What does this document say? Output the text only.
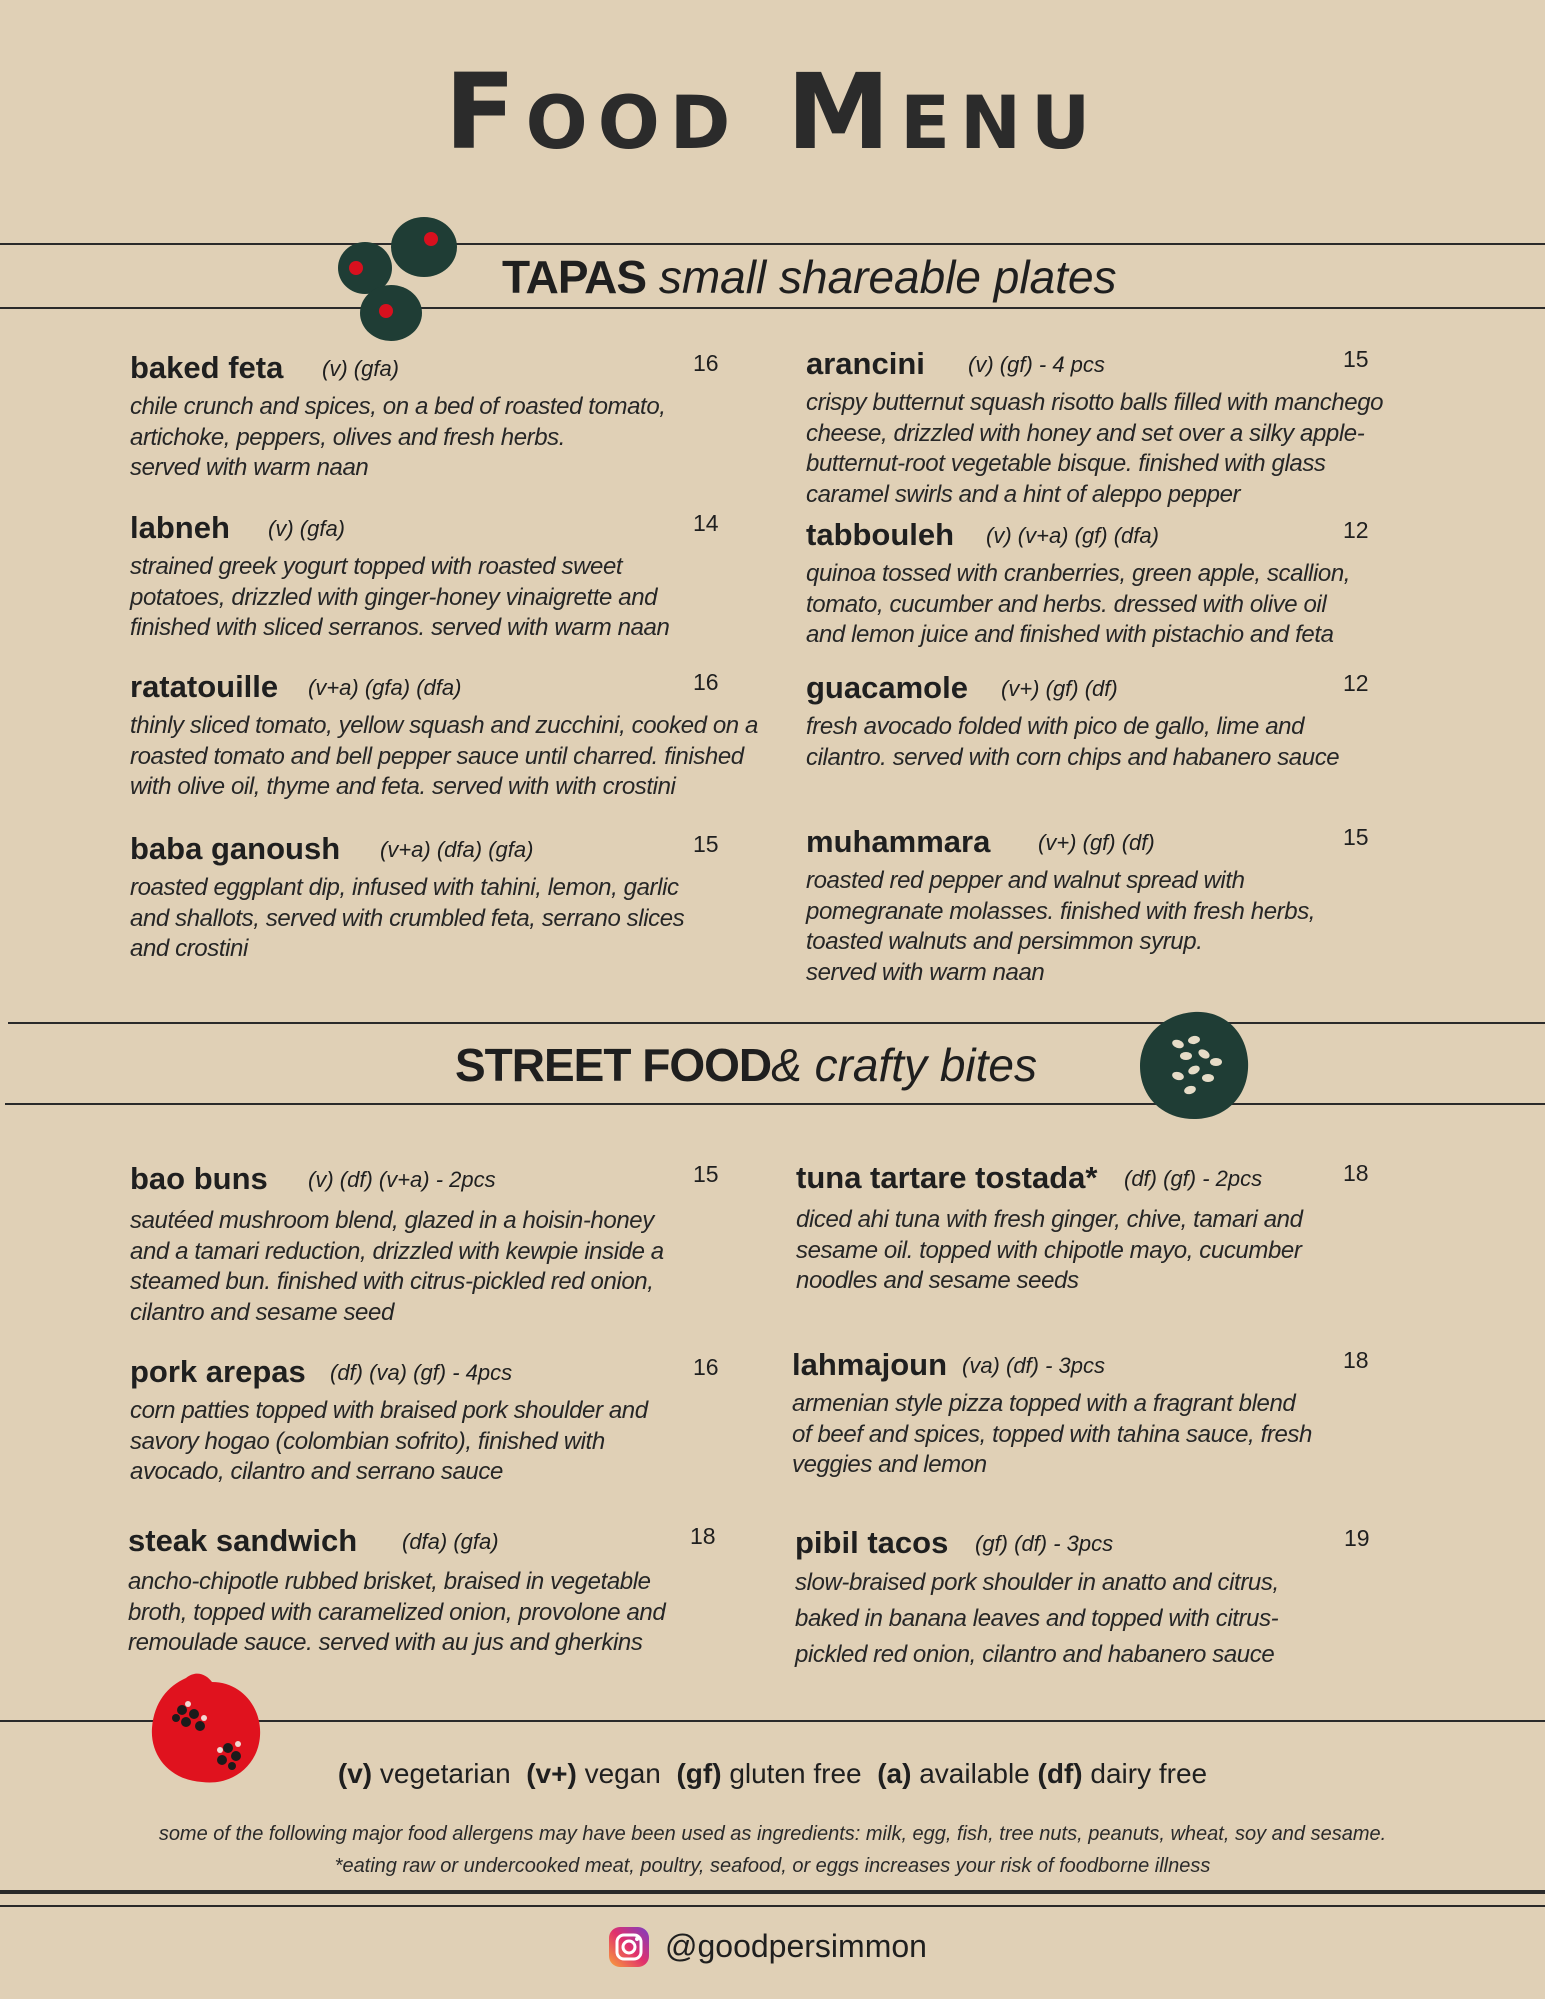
Food Menu
TAPAS small shareable plates
baked feta (v) (gfa)	16
chile crunch and spices, on a bed of roasted tomato,
artichoke, peppers, olives and fresh herbs.
served with warm naan
arancini (v) (gf) - 4 pcs	15
crispy butternut squash risotto balls filled with manchego
cheese, drizzled with honey and set over a silky apple-
butternut-root vegetable bisque. finished with glass
caramel swirls and a hint of aleppo pepper
labneh (v) (gfa)	14
strained greek yogurt topped with roasted sweet
potatoes, drizzled with ginger-honey vinaigrette and
finished with sliced serranos. served with warm naan
tabbouleh (v) (v+a) (gf) (dfa)	12
quinoa tossed with cranberries, green apple, scallion,
tomato, cucumber and herbs. dressed with olive oil
and lemon juice and finished with pistachio and feta
ratatouille (v+a) (gfa) (dfa)	16
thinly sliced tomato, yellow squash and zucchini, cooked on a
roasted tomato and bell pepper sauce until charred. finished
with olive oil, thyme and feta. served with with crostini
guacamole (v+) (gf) (df)	12
fresh avocado folded with pico de gallo, lime and
cilantro. served with corn chips and habanero sauce
baba ganoush (v+a) (dfa) (gfa)	15
roasted eggplant dip, infused with tahini, lemon, garlic
and shallots, served with crumbled feta, serrano slices
and crostini
muhammara (v+) (gf) (df)	15
roasted red pepper and walnut spread with
pomegranate molasses. finished with fresh herbs,
toasted walnuts and persimmon syrup.
served with warm naan
STREET FOOD& crafty bites
bao buns (v) (df) (v+a) - 2pcs	15
sautéed mushroom blend, glazed in a hoisin-honey
and a tamari reduction, drizzled with kewpie inside a
steamed bun. finished with citrus-pickled red onion,
cilantro and sesame seed
tuna tartare tostada* (df) (gf) - 2pcs	18
diced ahi tuna with fresh ginger, chive, tamari and
sesame oil. topped with chipotle mayo, cucumber
noodles and sesame seeds
pork arepas (df) (va) (gf) - 4pcs	16
corn patties topped with braised pork shoulder and
savory hogao (colombian sofrito), finished with
avocado, cilantro and serrano sauce
lahmajoun (va) (df) - 3pcs	18
armenian style pizza topped with a fragrant blend
of beef and spices, topped with tahina sauce, fresh
veggies and lemon
steak sandwich (dfa) (gfa)	18
ancho-chipotle rubbed brisket, braised in vegetable
broth, topped with caramelized onion, provolone and
remoulade sauce. served with au jus and gherkins
pibil tacos (gf) (df) - 3pcs	19
slow-braised pork shoulder in anatto and citrus,
baked in banana leaves and topped with citrus-
pickled red onion, cilantro and habanero sauce
(v) vegetarian (v+) vegan (gf) gluten free (a) available (df) dairy free
some of the following major food allergens may have been used as ingredients: milk, egg, fish, tree nuts, peanuts, wheat, soy and sesame.
*eating raw or undercooked meat, poultry, seafood, or eggs increases your risk of foodborne illness
@goodpersimmon
